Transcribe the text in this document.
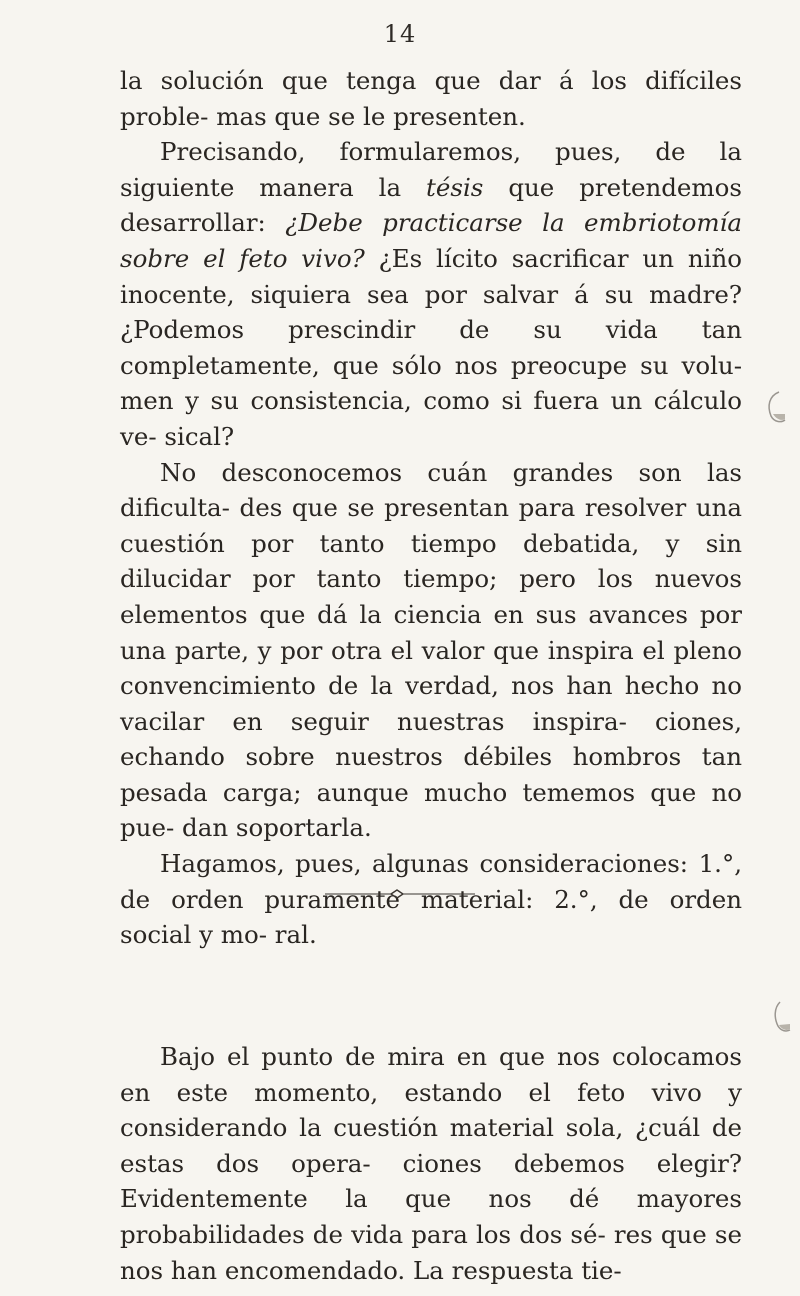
14

la solución que tenga que dar á los difíciles proble- mas que se le presenten.

Precisando, formularemos, pues, de la siguiente manera la tésis que pretendemos desarrollar: ¿Debe practicarse la embriotomía sobre el feto vivo? ¿Es lícito sacrificar un niño inocente, siquiera sea por salvar á su madre? ¿Podemos prescindir de su vida tan completamente, que sólo nos preocupe su volu- men y su consistencia, como si fuera un cálculo ve- sical?

No desconocemos cuán grandes son las dificulta- des que se presentan para resolver una cuestión por tanto tiempo debatida, y sin dilucidar por tanto tiempo; pero los nuevos elementos que dá la ciencia en sus avances por una parte, y por otra el valor que inspira el pleno convencimiento de la verdad, nos han hecho no vacilar en seguir nuestras inspira- ciones, echando sobre nuestros débiles hombros tan pesada carga; aunque mucho tememos que no pue- dan soportarla.

Hagamos, pues, algunas consideraciones: 1.°, de orden puramente material: 2.°, de orden social y mo- ral.

Bajo el punto de mira en que nos colocamos en este momento, estando el feto vivo y considerando la cuestión material sola, ¿cuál de estas dos opera- ciones debemos elegir? Evidentemente la que nos dé mayores probabilidades de vida para los dos sé- res que se nos han encomendado. La respuesta tie-
